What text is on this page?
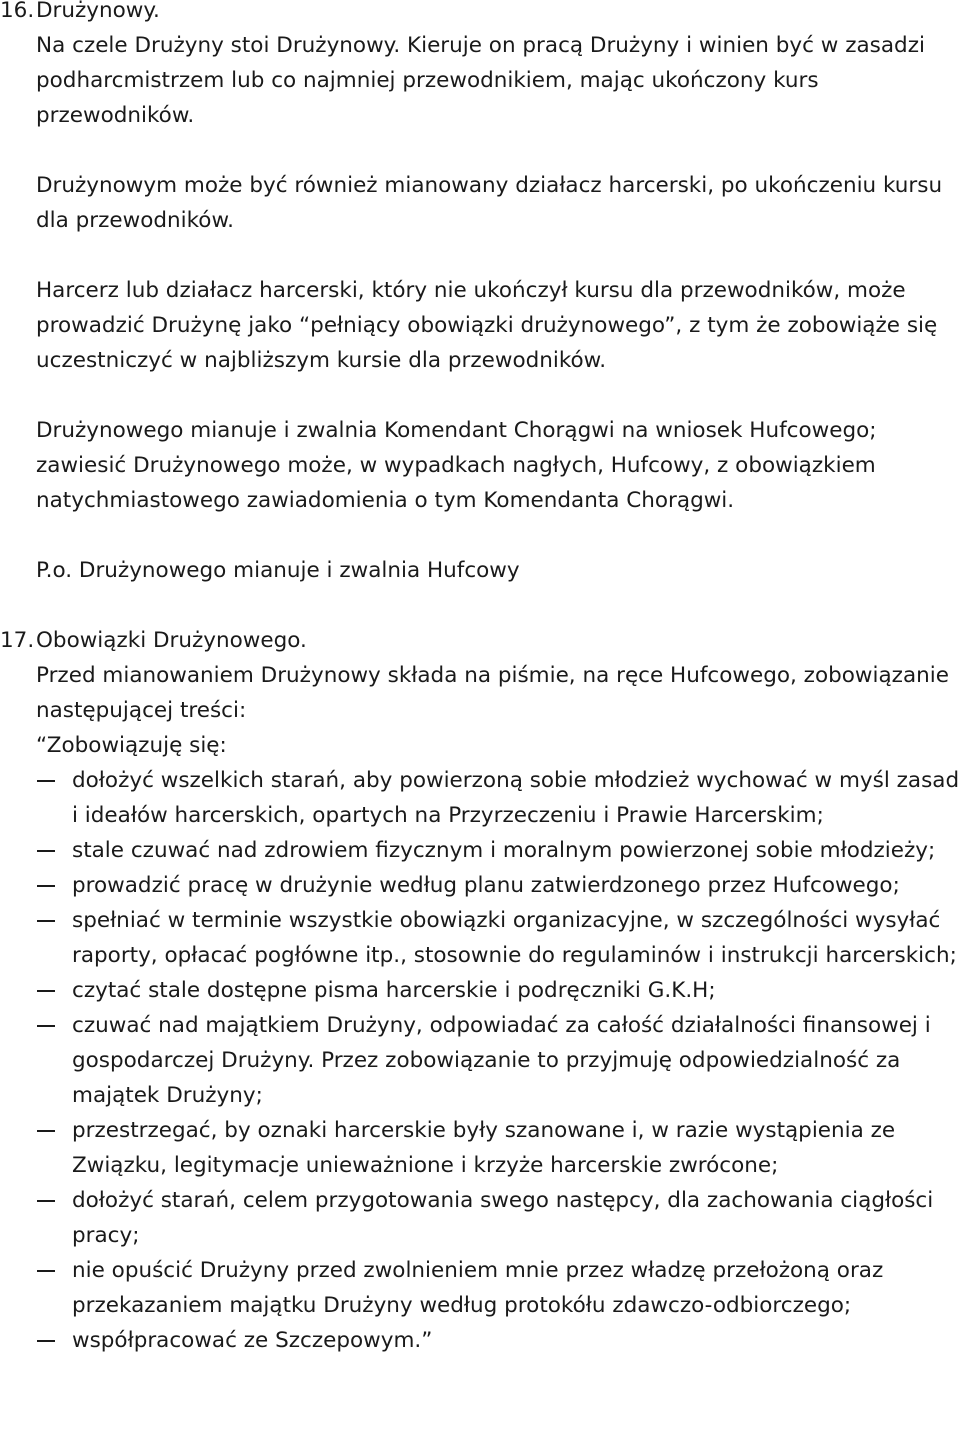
16. Drużynowy.

Na czele Drużyny stoi Drużynowy. Kieruje on pracą Drużyny i winien być w zasadzi podharcmistrzem lub co najmniej przewodnikiem, mając ukończony kurs przewodników.

Drużynowym może być również mianowany działacz harcerski, po ukończeniu kursu dla przewodników.

Harcerz lub działacz harcerski, który nie ukończył kursu dla przewodników, może prowadzić Drużynę jako “pełniący obowiązki drużynowego”, z tym że zobowiąże się uczestniczyć w najbliższym kursie dla przewodników.

Drużynowego mianuje i zwalnia Komendant Chorągwi na wniosek Hufcowego; zawiesić Drużynowego może, w wypadkach nagłych, Hufcowy, z obowiązkiem natychmiastowego zawiadomienia o tym Komendanta Chorągwi.

P.o. Drużynowego mianuje i zwalnia Hufcowy

17. Obowiązki Drużynowego.

Przed mianowaniem Drużynowy składa na piśmie, na ręce Hufcowego, zobowiązanie następującej treści:

“Zobowiązuję się:

dołożyć wszelkich starań, aby powierzoną sobie młodzież wychować w myśl zasad i ideałów harcerskich, opartych na Przyrzeczeniu i Prawie Harcerskim;
stale czuwać nad zdrowiem fizycznym i moralnym powierzonej sobie młodzieży;
prowadzić pracę w drużynie według planu zatwierdzonego przez Hufcowego;
spełniać w terminie wszystkie obowiązki organizacyjne, w szczególności wysyłać raporty, opłacać pogłówne itp., stosownie do regulaminów i instrukcji harcerskich;
czytać stale dostępne pisma harcerskie i podręczniki G.K.H;
czuwać nad majątkiem Drużyny, odpowiadać za całość działalności finansowej i gospodarczej Drużyny. Przez zobowiązanie to przyjmuję odpowiedzialność za majątek Drużyny;
przestrzegać, by oznaki harcerskie były szanowane i, w razie wystąpienia ze Związku, legitymacje unieważnione i krzyże harcerskie zwrócone;
dołożyć starań, celem przygotowania swego następcy, dla zachowania ciągłości pracy;
nie opuścić Drużyny przed zwolnieniem mnie przez władzę przełożoną oraz przekazaniem majątku Drużyny według protokółu zdawczo-odbiorczego;
współpracować ze Szczepowym.”
